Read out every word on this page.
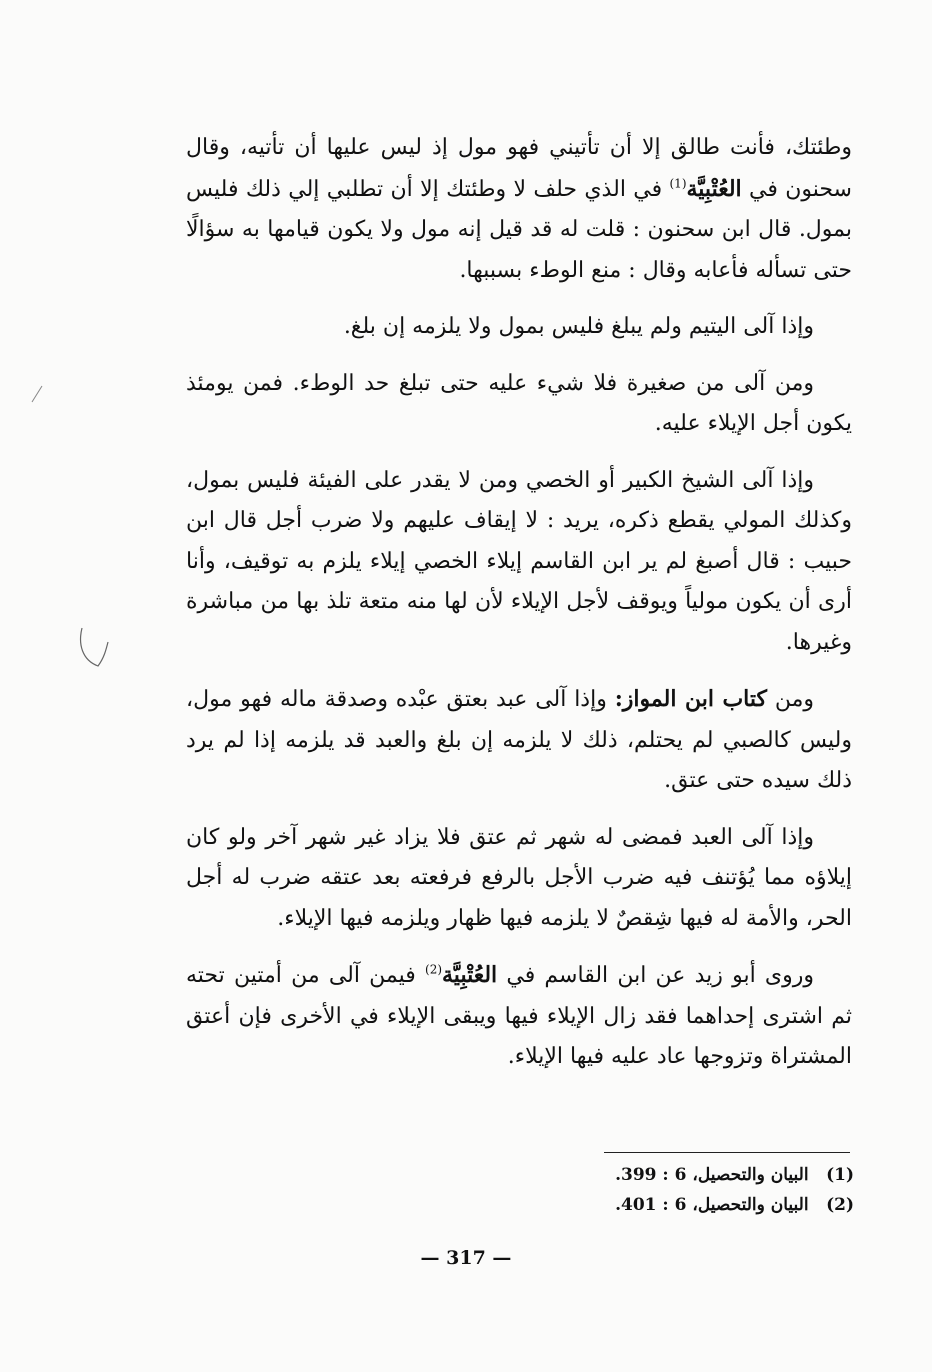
وطئتك، فأنت طالق إلا أن تأتيني فهو مول إذ ليس عليها أن تأتيه، وقال سحنون في العُتْبِيَّة$^{(1)}$ في الذي حلف لا وطئتك إلا أن تطلبي إلي ذلك فليس بمول. قال ابن سحنون : قلت له قد قيل إنه مول ولا يكون قيامها به سؤالًا حتى تسأله فأعابه وقال : منع الوطء بسببها.

وإذا آلى اليتيم ولم يبلغ فليس بمول ولا يلزمه إن بلغ.

ومن آلى من صغيرة فلا شيء عليه حتى تبلغ حد الوطء. فمن يومئذ يكون أجل الإيلاء عليه.

وإذا آلى الشيخ الكبير أو الخصي ومن لا يقدر على الفيئة فليس بمول، وكذلك المولي يقطع ذكره، يريد : لا إيقاف عليهم ولا ضرب أجل قال ابن حبيب : قال أصبغ لم ير ابن القاسم إيلاء الخصي إيلاء يلزم به توقيف، وأنا أرى أن يكون مولياً ويوقف لأجل الإيلاء لأن لها منه متعة تلذ بها من مباشرة وغيرها.

ومن كتاب ابن المواز: وإذا آلى عبد بعتق عبْده وصدقة ماله فهو مول، وليس كالصبي لم يحتلم، ذلك لا يلزمه إن بلغ والعبد قد يلزمه إذا لم يرد ذلك سيده حتى عتق.

وإذا آلى العبد فمضى له شهر ثم عتق فلا يزاد غير شهر آخر ولو كان إيلاؤه مما يُؤتنف فيه ضرب الأجل بالرفع فرفعته بعد عتقه ضرب له أجل الحر، والأمة له فيها شِقصٌ لا يلزمه فيها ظهار ويلزمه فيها الإيلاء.

وروى أبو زيد عن ابن القاسم في العُتْبِيَّة$^{(2)}$ فيمن آلى من أمتين تحته ثم اشترى إحداهما فقد زال الإيلاء فيها ويبقى الإيلاء في الأخرى فإن أعتق المشتراة وتزوجها عاد عليه فيها الإيلاء.

(1) البيان والتحصيل، 6 : 399.
(2) البيان والتحصيل، 6 : 401.
— 317 —
